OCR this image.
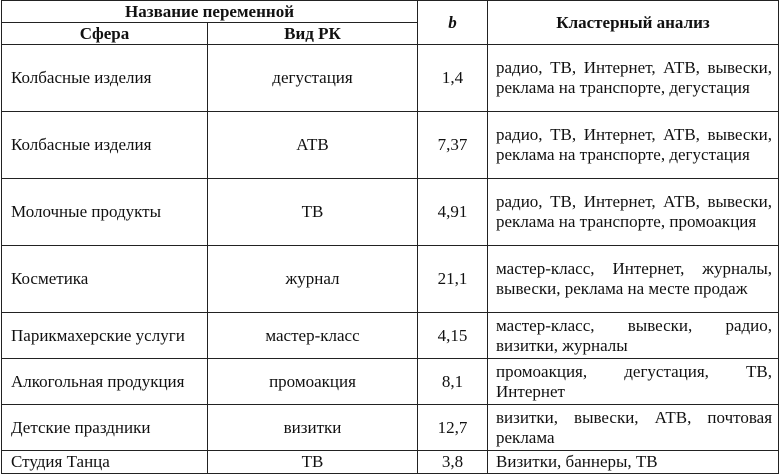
Название переменной		b	Кластерный анализ
Сфера	Вид РК		
Колбасные изделия	дегустация	1,4	радио, ТВ, Интернет, АТВ, вывески, реклама на транспорте, дегустация
Колбасные изделия	АТВ	7,37	радио, ТВ, Интернет, АТВ, вывески, реклама на транспорте, дегустация
Молочные продукты	ТВ	4,91	радио, ТВ, Интернет, АТВ, вывески, реклама на транспорте, промоакция
Косметика	журнал	21,1	мастер-класс, Интернет, журналы, вывески, реклама на месте продаж
Парикмахерские услуги	мастер-класс	4,15	мастер-класс, вывески, радио, визитки, журналы
Алкогольная продукция	промоакция	8,1	промоакция, дегустация, ТВ, Интернет
Детские праздники	визитки	12,7	визитки, вывески, АТВ, почтовая реклама
Студия Танца	ТВ	3,8	Визитки, баннеры, ТВ
